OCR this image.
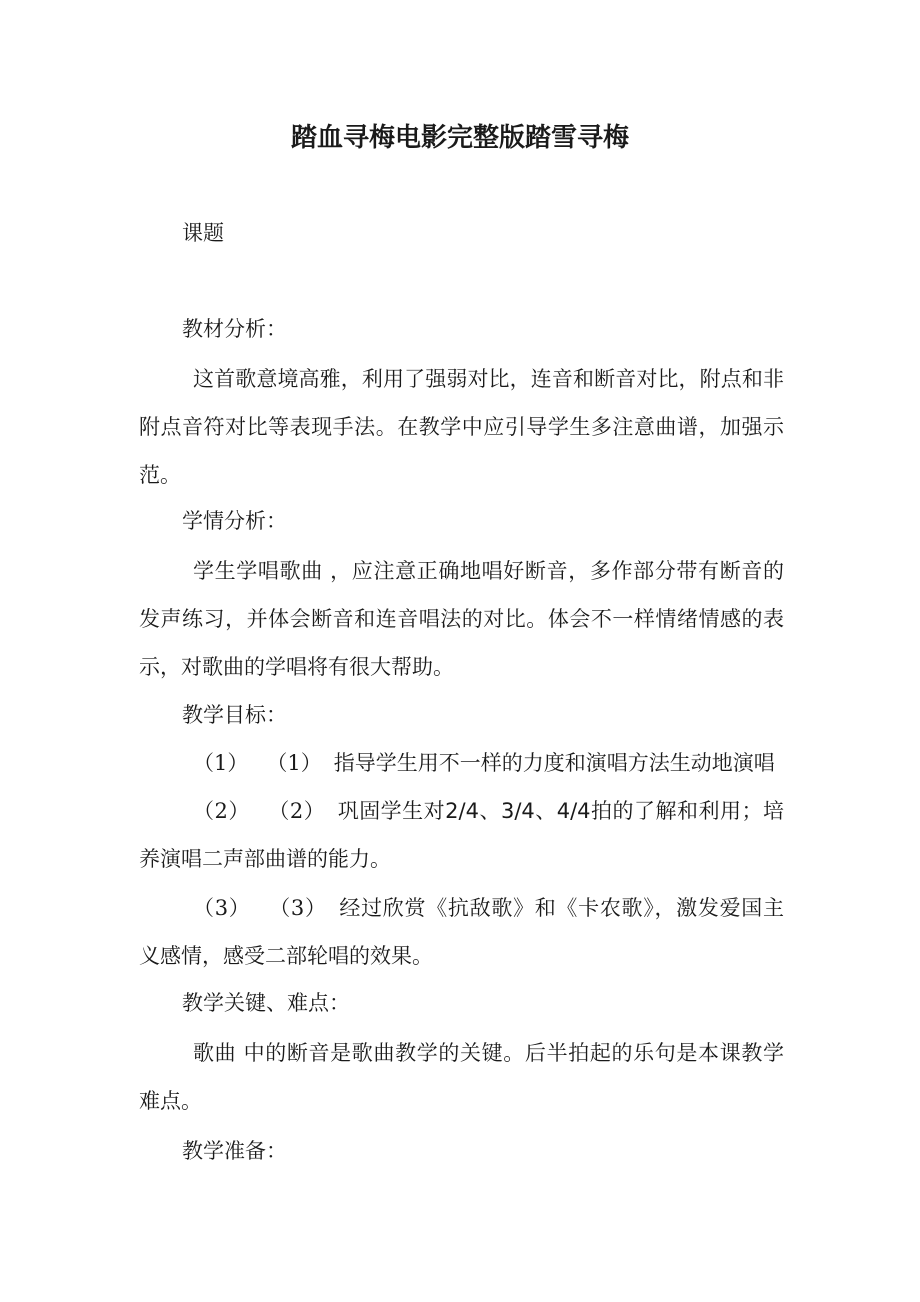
踏血寻梅电影完整版踏雪寻梅
课题
教材分析：
这首歌意境高雅，利用了强弱对比，连音和断音对比，附点和非附点音符对比等表现手法。在教学中应引导学生多注意曲谱，加强示范。
学情分析：
学生学唱歌曲 ，应注意正确地唱好断音，多作部分带有断音的发声练习，并体会断音和连音唱法的对比。体会不一样情绪情感的表示，对歌曲的学唱将有很大帮助。
教学目标：
（1） （1） 指导学生用不一样的力度和演唱方法生动地演唱
（2） （2） 巩固学生对2/4、3/4、4/4拍的了解和利用；培养演唱二声部曲谱的能力。
（3） （3） 经过欣赏《抗敌歌》和《卡农歌》，激发爱国主义感情，感受二部轮唱的效果。
教学关键、难点：
歌曲 中的断音是歌曲教学的关键。后半拍起的乐句是本课教学难点。
教学准备：
